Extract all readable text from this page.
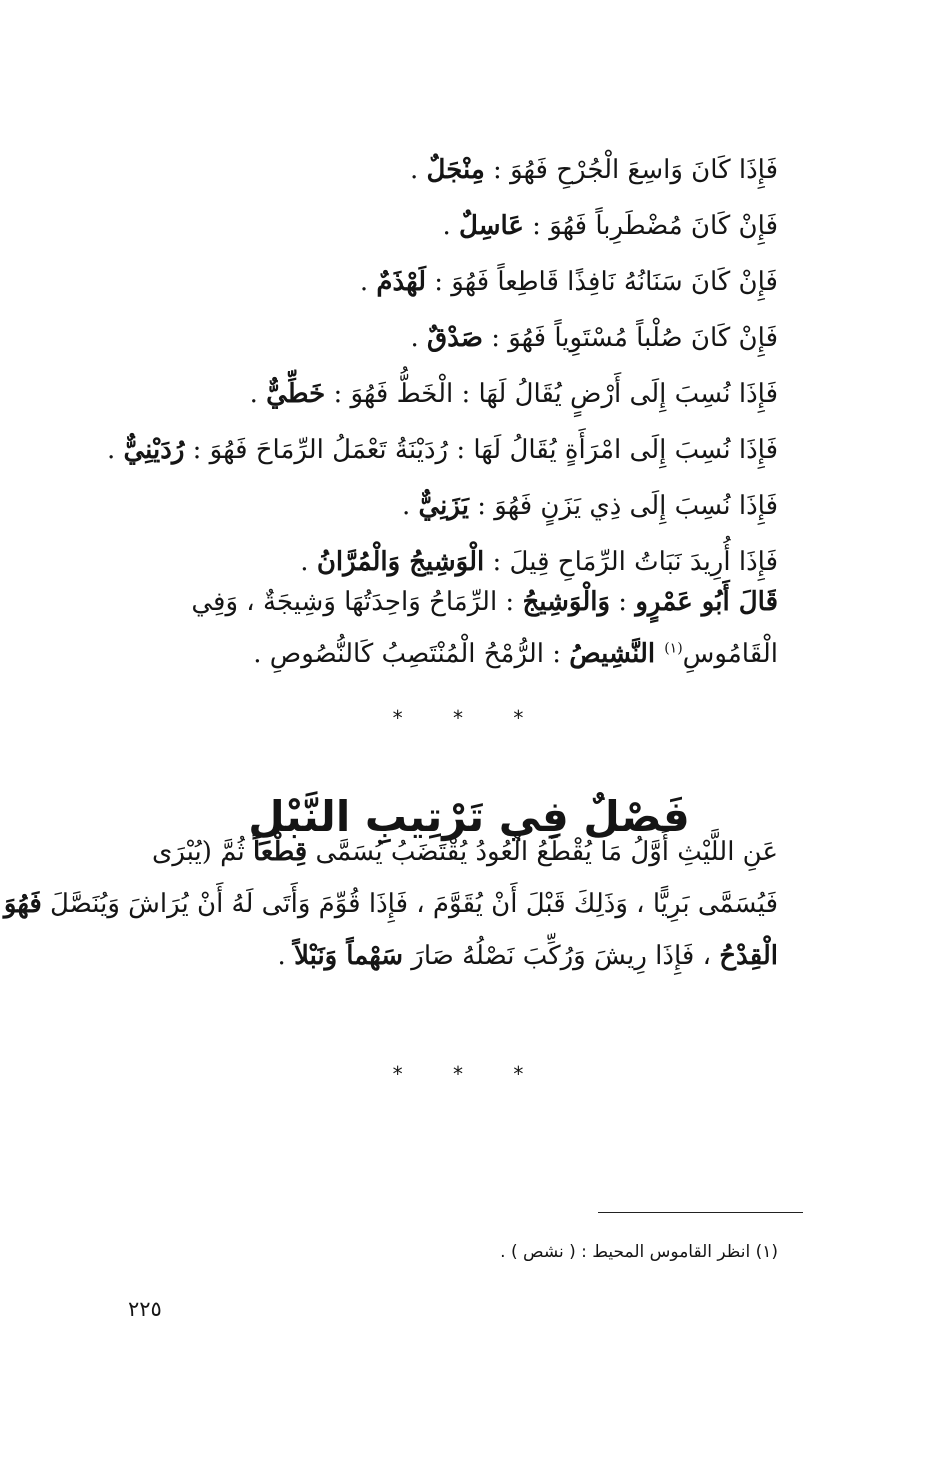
فَإِذَا كَانَ وَاسِعَ الْجُرْحِ فَهُوَ : مِنْجَلٌ .
فَإِنْ كَانَ مُضْطَرِباً فَهُوَ : عَاسِلٌ .
فَإِنْ كَانَ سَنَانُهُ نَافِذًا قَاطِعاً فَهُوَ : لَهْذَمٌ .
فَإِنْ كَانَ صُلْباً مُسْتَوِياً فَهُوَ : صَدْقٌ .
فَإِذَا نُسِبَ إِلَى أَرْضٍ يُقَالُ لَهَا : الْخَطُّ فَهُوَ : خَطِّيٌّ .
فَإِذَا نُسِبَ إِلَى امْرَأَةٍ يُقَالُ لَهَا : رُدَيْنَةُ تَعْمَلُ الرِّمَاحَ فَهُوَ : رُدَيْنِيٌّ .
فَإِذَا نُسِبَ إِلَى ذِي يَزَنٍ فَهُوَ : يَزَنِيٌّ .
فَإِذَا أُرِيدَ نَبَاتُ الرِّمَاحِ قِيلَ : الْوَشِيجُ وَالْمُرَّانُ .
قَالَ أَبُو عَمْرٍو : وَالْوَشِيجُ : الرِّمَاحُ وَاحِدَتُهَا وَشِيجَةٌ ، وَفِي
الْقَامُوسِ$^{(١)}$ النَّشِيصُ : الرُّمْحُ الْمُنْتَصِبُ كَالنُّصُوصِ .
* * *
فَصْلٌ فِي تَرْتِيبِ النَّبْلِ
عَنِ اللَّيْثِ أَوَّلُ مَا يُقْطَعُ الْعُودُ يُقْتَضَبُ يُسَمَّى قِطْعاً ثُمَّ (يُبْرَى
فَيُسَمَّى بَرِيًّا ، وَذَلِكَ قَبْلَ أَنْ يُقَوَّمَ ، فَإِذَا قُوِّمَ وَأَتَى لَهُ أَنْ يُرَاشَ وَيُنَصَّلَ فَهُوَ
الْقِدْحُ ، فَإِذَا رِيشَ وَرُكِّبَ نَصْلُهُ صَارَ سَهْماً وَنَبْلاً .
* * *
(١) انظر القاموس المحيط : ( نشص ) .
٢٢٥
